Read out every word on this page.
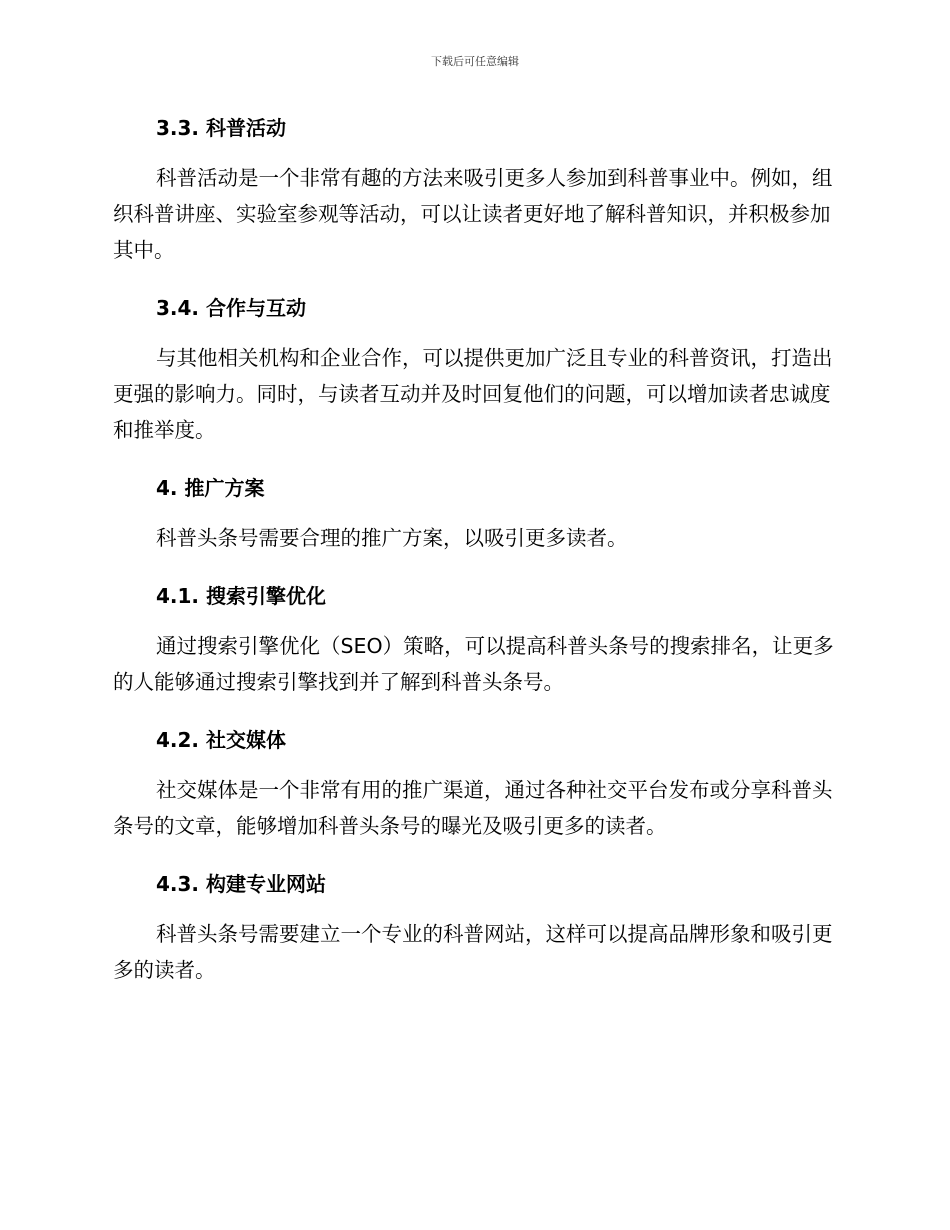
下载后可任意编辑
3.3. 科普活动

科普活动是一个非常有趣的方法来吸引更多人参加到科普事业中。例如，组织科普讲座、实验室参观等活动，可以让读者更好地了解科普知识，并积极参加其中。

3.4. 合作与互动

与其他相关机构和企业合作，可以提供更加广泛且专业的科普资讯，打造出更强的影响力。同时，与读者互动并及时回复他们的问题，可以增加读者忠诚度和推举度。

4. 推广方案

科普头条号需要合理的推广方案，以吸引更多读者。

4.1. 搜索引擎优化

通过搜索引擎优化（SEO）策略，可以提高科普头条号的搜索排名，让更多的人能够通过搜索引擎找到并了解到科普头条号。

4.2. 社交媒体

社交媒体是一个非常有用的推广渠道，通过各种社交平台发布或分享科普头条号的文章，能够增加科普头条号的曝光及吸引更多的读者。

4.3. 构建专业网站

科普头条号需要建立一个专业的科普网站，这样可以提高品牌形象和吸引更多的读者。
